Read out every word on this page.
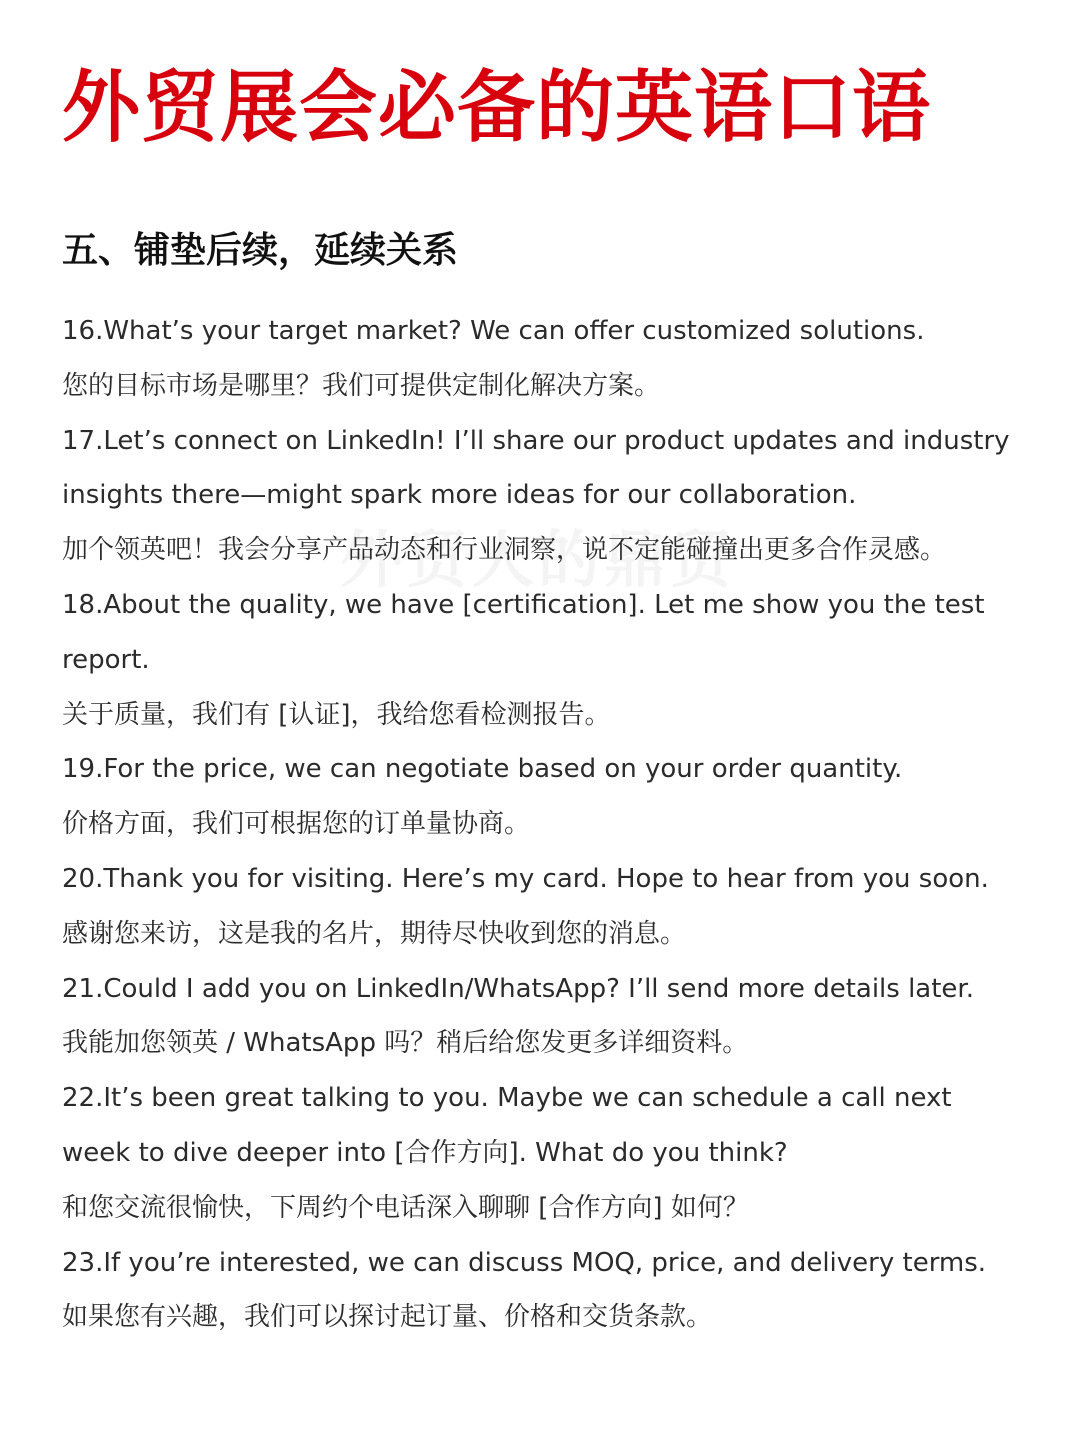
外贸展会必备的英语口语
五、铺垫后续，延续关系

16.What’s your target market? We can offer customized solutions.

您的目标市场是哪里？我们可提供定制化解决方案。

17.Let’s connect on LinkedIn! I’ll share our product updates and industry

insights there—might spark more ideas for our collaboration.

加个领英吧！我会分享产品动态和行业洞察，说不定能碰撞出更多合作灵感。

18.About the quality, we have [certification]. Let me show you the test

report.

关于质量，我们有 [认证]，我给您看检测报告。

19.For the price, we can negotiate based on your order quantity.

价格方面，我们可根据您的订单量协商。

20.Thank you for visiting. Here’s my card. Hope to hear from you soon.

感谢您来访，这是我的名片，期待尽快收到您的消息。

21.Could I add you on LinkedIn/WhatsApp? I’ll send more details later.

我能加您领英 / WhatsApp 吗？稍后给您发更多详细资料。

22.It’s been great talking to you. Maybe we can schedule a call next

week to dive deeper into [合作方向]. What do you think?

和您交流很愉快，下周约个电话深入聊聊 [合作方向] 如何？

23.If you’re interested, we can discuss MOQ, price, and delivery terms.

如果您有兴趣，我们可以探讨起订量、价格和交货条款。
